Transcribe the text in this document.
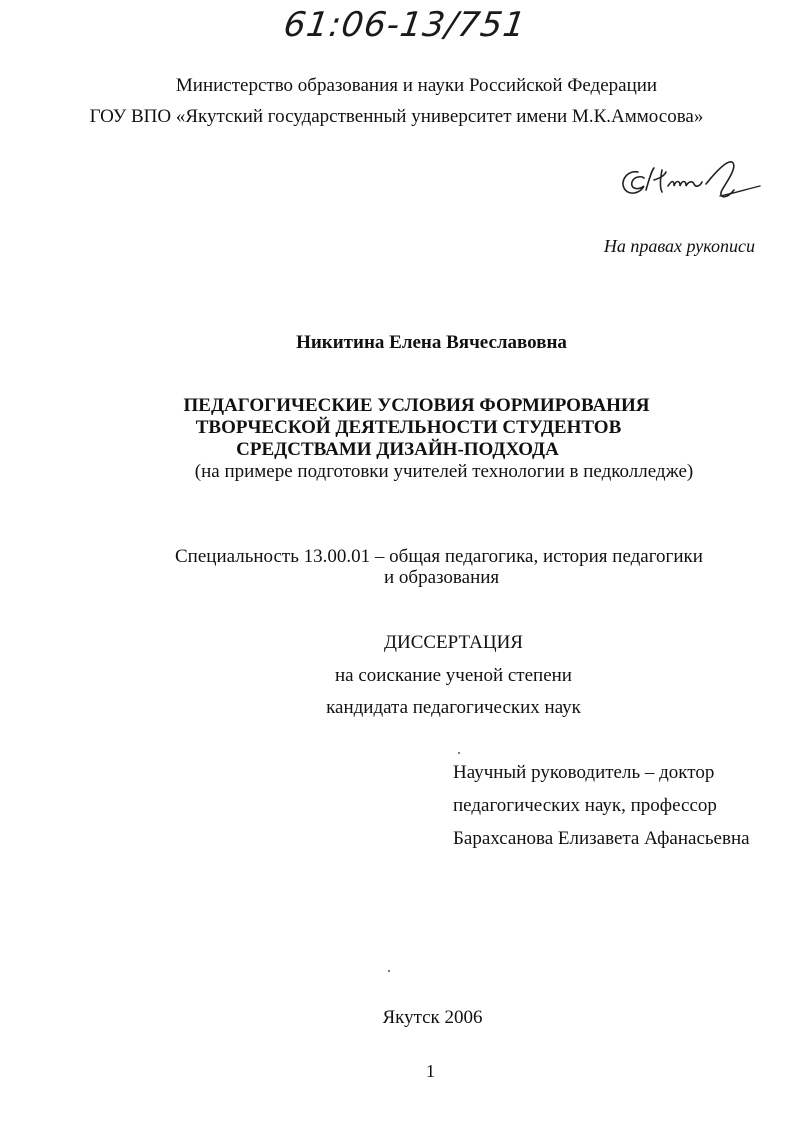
61:06-13/751
Министерство образования и науки Российской Федерации
ГОУ ВПО «Якутский государственный университет имени М.К.Аммосова»
На правах рукописи
Никитина Елена Вячеславовна
ПЕДАГОГИЧЕСКИЕ УСЛОВИЯ ФОРМИРОВАНИЯ
ТВОРЧЕСКОЙ ДЕЯТЕЛЬНОСТИ СТУДЕНТОВ
СРЕДСТВАМИ ДИЗАЙН-ПОДХОДА
(на примере подготовки учителей технологии в педколледже)
Специальность 13.00.01 – общая педагогика, история педагогики
и образования
ДИССЕРТАЦИЯ
на соискание ученой степени
кандидата педагогических наук
Научный руководитель – доктор
педагогических наук, профессор
Барахсанова Елизавета Афанасьевна
Якутск 2006
1
